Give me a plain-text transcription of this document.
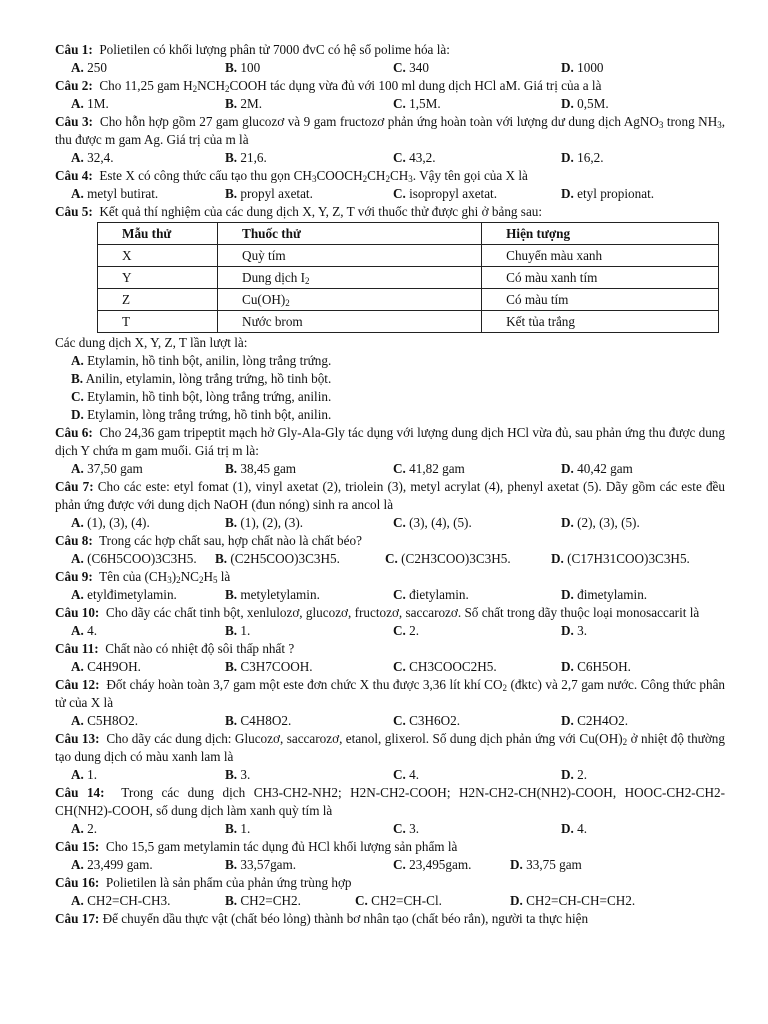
Câu 1: Polietilen có khối lượng phân tử 7000 đvC có hệ số polime hóa là:
A. 250	B. 100	C. 340	D. 1000
Câu 2: Cho 11,25 gam $H_2NCH_2COOH$ tác dụng vừa đủ với 100 ml dung dịch HCl aM. Giá trị của a là
A. 1M.	B. 2M.	C. 1,5M.	D. 0,5M.
Câu 3: Cho hỗn hợp gồm 27 gam glucozơ và 9 gam fructozơ phản ứng hoàn toàn với lượng dư dung dịch AgNO$_3$ trong $NH_3$, thu được m gam Ag. Giá trị của m là
A. 32,4.	B. 21,6.	C. 43,2.	D. 16,2.
Câu 4: Este X có công thức cấu tạo thu gọn $CH_3COOCH_2CH_2CH_3$. Vậy tên gọi của X là
A. metyl butirat.	B. propyl axetat.	C. isopropyl axetat.	D. etyl propionat.
Câu 5: Kết quả thí nghiệm của các dung dịch X, Y, Z, T với thuốc thử được ghi ở bảng sau:
Mẫu thử	Thuốc thử	Hiện tượng
X	Quỳ tím	Chuyển màu xanh
Y	Dung dịch $I_2$	Có màu xanh tím
Z	$Cu(OH)_2$	Có màu tím
T	Nước brom	Kết tủa trắng
Các dung dịch X, Y, Z, T lần lượt là:
A. Etylamin, hồ tinh bột, anilin, lòng trắng trứng.
B. Anilin, etylamin, lòng trắng trứng, hồ tinh bột.
C. Etylamin, hồ tinh bột, lòng trắng trứng, anilin.
D. Etylamin, lòng trắng trứng, hồ tinh bột, anilin.
Câu 6: Cho 24,36 gam tripeptit mạch hở Gly-Ala-Gly tác dụng với lượng dung dịch HCl vừa đủ, sau phản ứng thu được dung dịch Y chứa m gam muối. Giá trị m là:
A. 37,50 gam	B. 38,45 gam	C. 41,82 gam	D. 40,42 gam
Câu 7: Cho các este: etyl fomat (1), vinyl axetat (2), triolein (3), metyl acrylat (4), phenyl axetat (5). Dãy gồm các este đều phản ứng được với dung dịch NaOH (đun nóng) sinh ra ancol là
A. (1), (3), (4).	B. (1), (2), (3).	C. (3), (4), (5).	D. (2), (3), (5).
Câu 8: Trong các hợp chất sau, hợp chất nào là chất béo?
A. (C6H5COO)3C3H5. B. (C2H5COO)3C3H5.	C. (C2H3COO)3C3H5.	D. (C17H31COO)3C3H5.
Câu 9: Tên của $(CH_3)_2NC_2H_5$ là
A. etylđimetylamin.	B. metyletylamin.	C. đietylamin.	D. đimetylamin.
Câu 10: Cho dãy các chất tinh bột, xenlulozơ, glucozơ, fructozơ, saccarozơ. Số chất trong dãy thuộc loại monosaccarit là
A. 4.	B. 1.	C. 2.	D. 3.
Câu 11: Chất nào có nhiệt độ sôi thấp nhất ?
A. C4H9OH.	B. C3H7COOH.	C. CH3COOC2H5.	D. C6H5OH.
Câu 12: Đốt cháy hoàn toàn 3,7 gam một este đơn chức X thu được 3,36 lít khí $CO_2$ (đktc) và 2,7 gam nước. Công thức phân tử của X là
A. C5H8O2.	B. C4H8O2.	C. C3H6O2.	D. C2H4O2.
Câu 13: Cho dãy các dung dịch: Glucozơ, saccarozơ, etanol, glixerol. Số dung dịch phản ứng với $Cu(OH)_2$ ở nhiệt độ thường tạo dung dịch có màu xanh lam là
A. 1.	B. 3.	C. 4.	D. 2.
Câu 14: Trong các dung dịch CH3-CH2-NH2; H2N-CH2-COOH; H2N-CH2-CH(NH2)-COOH, HOOC-CH2-CH2-CH(NH2)-COOH, số dung dịch làm xanh quỳ tím là
A. 2.	B. 1.	C. 3.	D. 4.
Câu 15: Cho 15,5 gam metylamin tác dụng đủ HCl khối lượng sản phẩm là
A. 23,499 gam.	B. 33,57gam.	C. 23,495gam.	D. 33,75 gam
Câu 16: Polietilen là sản phẩm của phản ứng trùng hợp
A. CH2=CH-CH3.	B. CH2=CH2.	C. CH2=CH-Cl.	D. CH2=CH-CH=CH2.
Câu 17: Để chuyển dầu thực vật (chất béo lỏng) thành bơ nhân tạo (chất béo rắn), người ta thực hiện
